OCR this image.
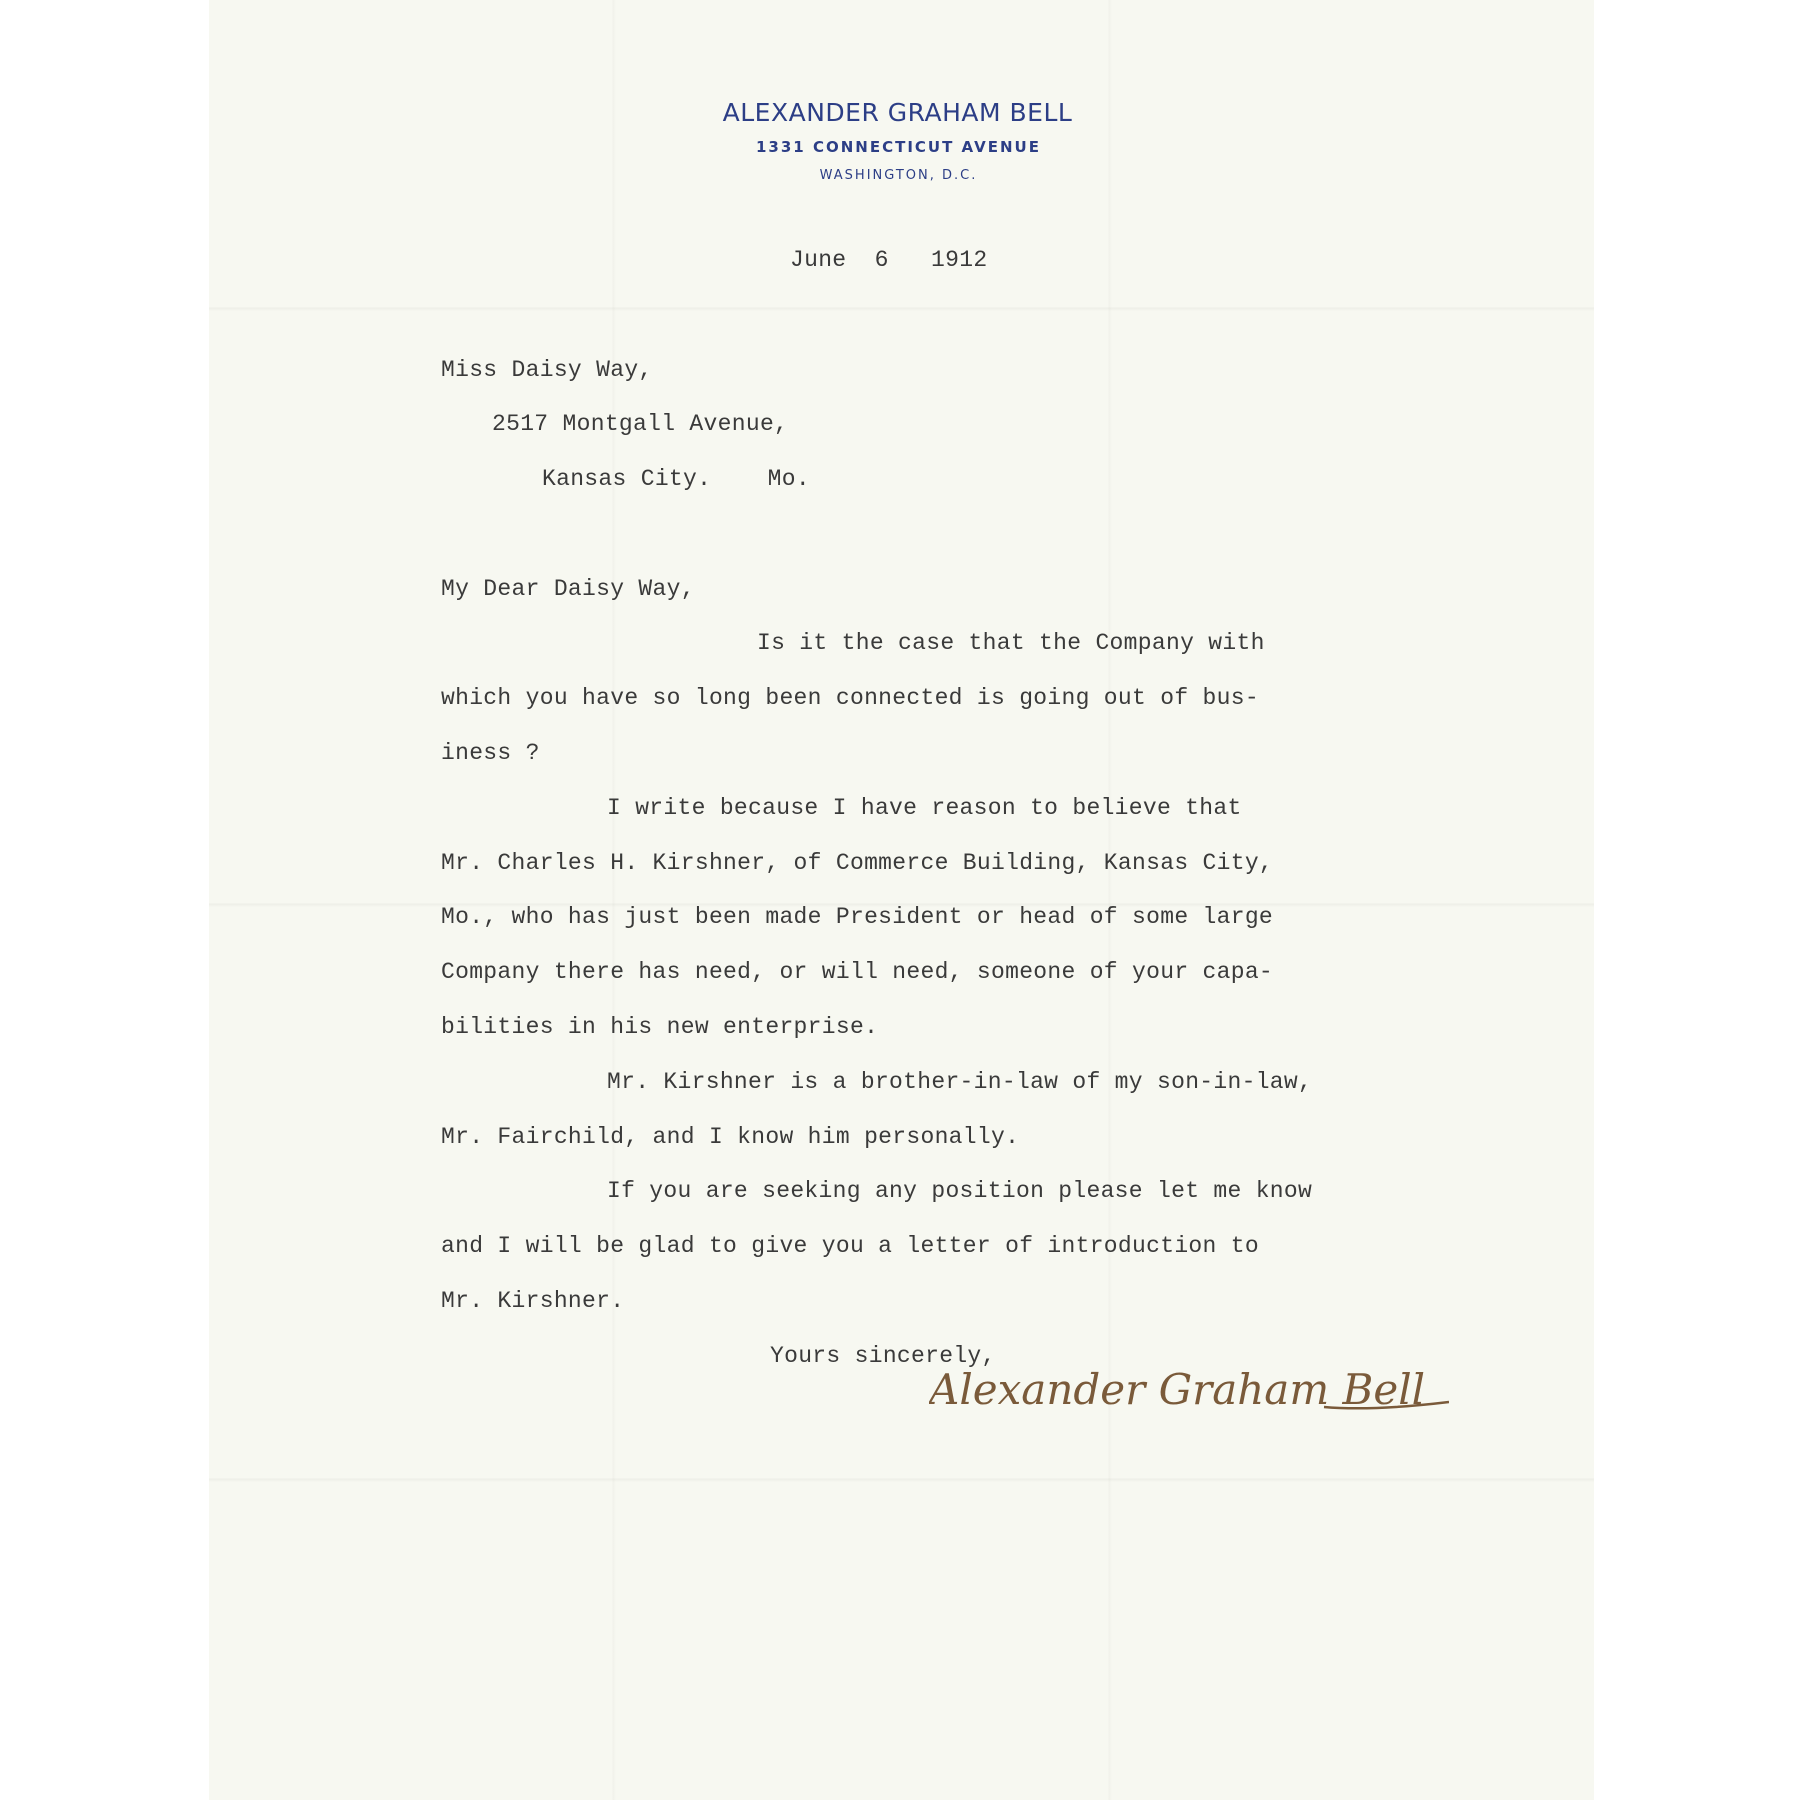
ALEXANDER GRAHAM BELL

1331 CONNECTICUT AVENUE

WASHINGTON, D.C.

June  6   1912

Miss Daisy Way,

2517 Montgall Avenue,

Kansas City.    Mo.

My Dear Daisy Way,

Is it the case that the Company with

which you have so long been connected is going out of bus-

iness ?

I write because I have reason to believe that

Mr. Charles H. Kirshner, of Commerce Building, Kansas City,

Mo., who has just been made President or head of some large

Company there has need, or will need, someone of your capa-

bilities in his new enterprise.

Mr. Kirshner is a brother-in-law of my son-in-law,

Mr. Fairchild, and I know him personally.

If you are seeking any position please let me know

and I will be glad to give you a letter of introduction to

Mr. Kirshner.

Yours sincerely,

Alexander Graham Bell
